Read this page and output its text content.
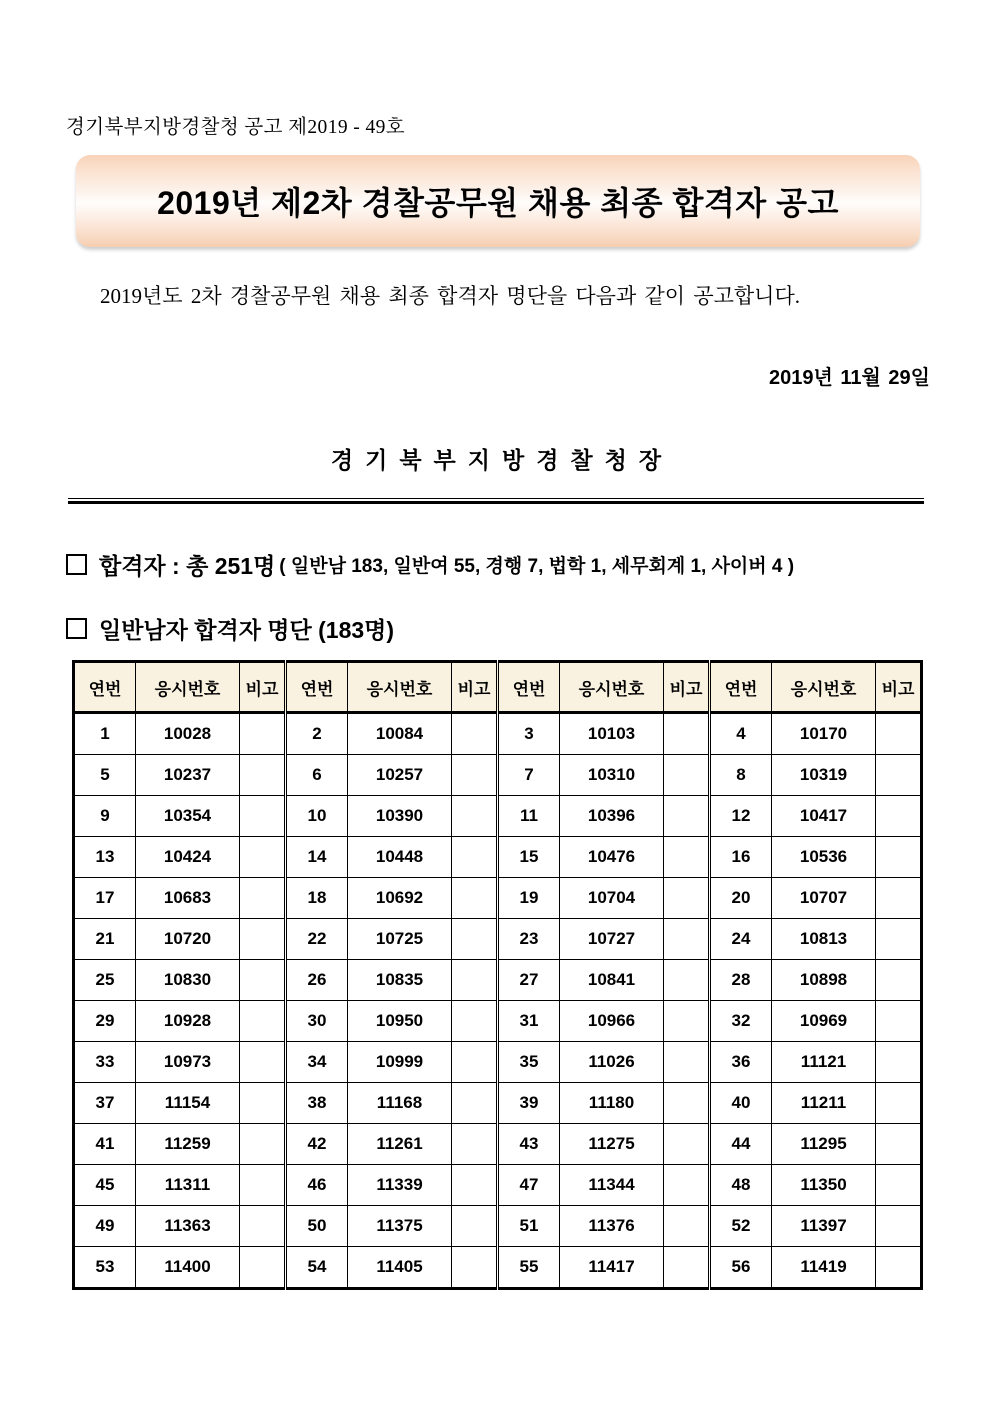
경기북부지방경찰청 공고 제2019 - 49호
2019년 제2차 경찰공무원 채용 최종 합격자 공고
2019년도 2차 경찰공무원 채용 최종 합격자 명단을 다음과 같이 공고합니다.
2019년 11월 29일
경기북부지방경찰청장
합격자 : 총 251명 ( 일반남 183, 일반여 55, 경행 7, 법학 1, 세무회계 1, 사이버 4 )
일반남자 합격자 명단 (183명)
연번	응시번호	비고	연번	응시번호	비고	연번	응시번호	비고	연번	응시번호	비고
1	10028		2	10084		3	10103		4	10170	
5	10237		6	10257		7	10310		8	10319	
9	10354		10	10390		11	10396		12	10417	
13	10424		14	10448		15	10476		16	10536	
17	10683		18	10692		19	10704		20	10707	
21	10720		22	10725		23	10727		24	10813	
25	10830		26	10835		27	10841		28	10898	
29	10928		30	10950		31	10966		32	10969	
33	10973		34	10999		35	11026		36	11121	
37	11154		38	11168		39	11180		40	11211	
41	11259		42	11261		43	11275		44	11295	
45	11311		46	11339		47	11344		48	11350	
49	11363		50	11375		51	11376		52	11397	
53	11400		54	11405		55	11417		56	11419	
